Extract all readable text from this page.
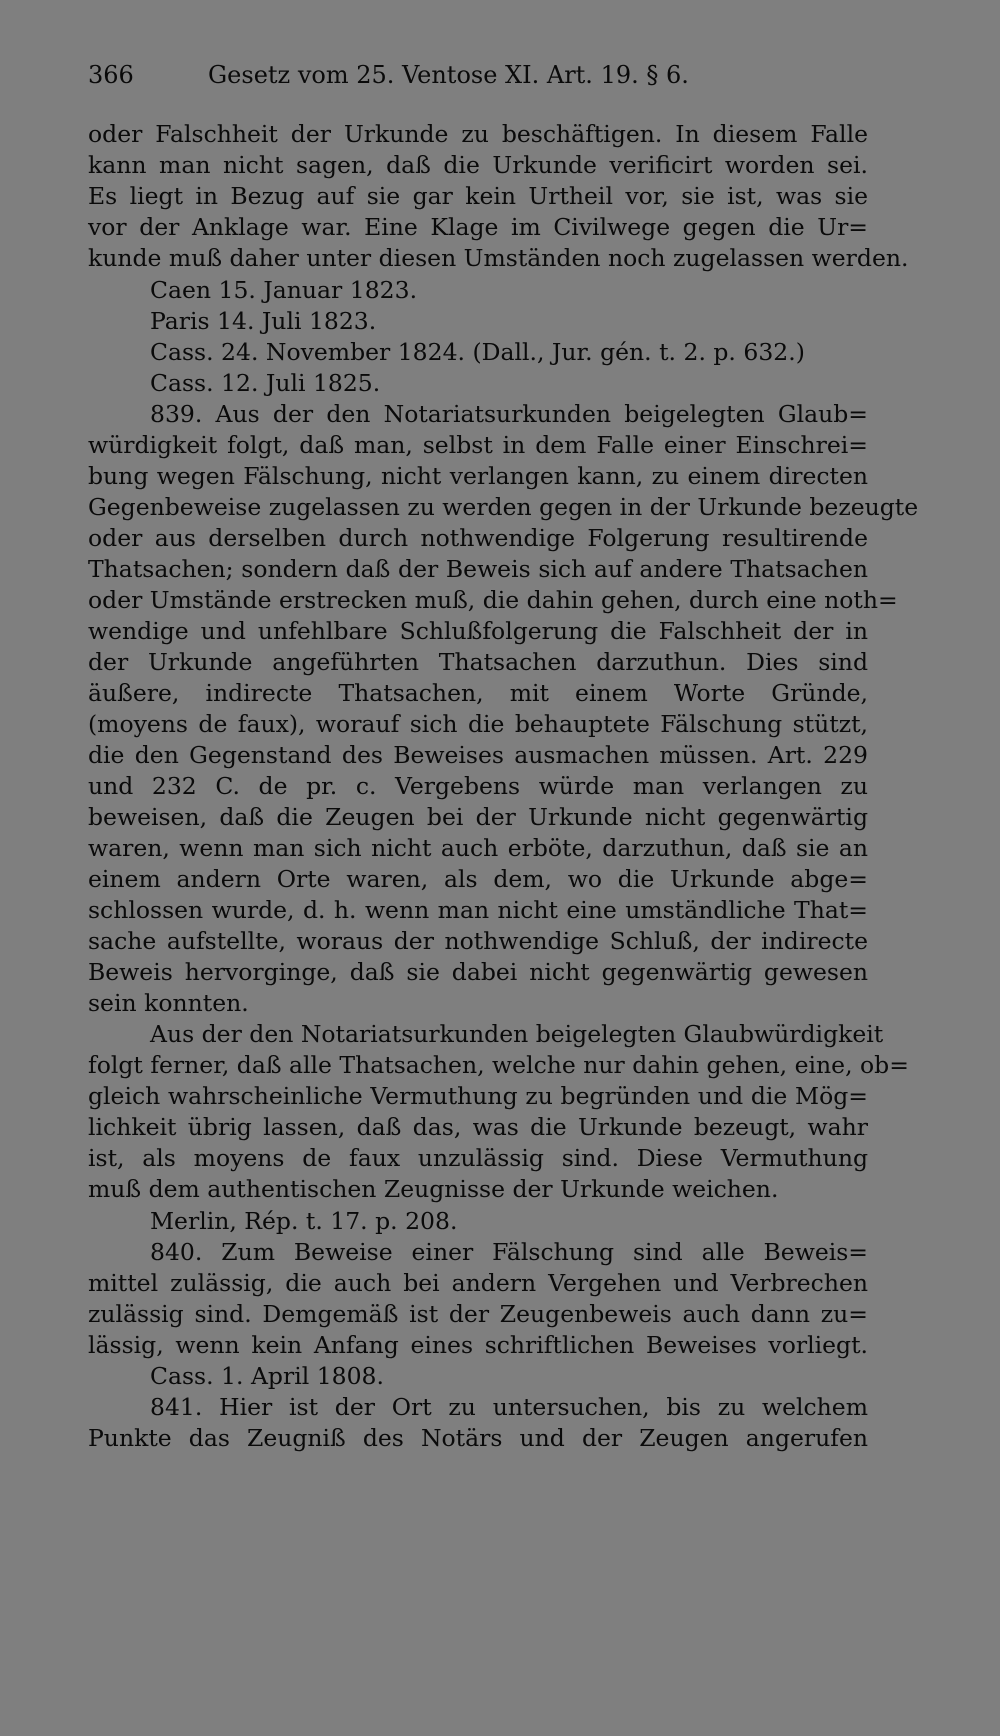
366	Gesetz vom 25. Ventose XI. Art. 19. § 6.
oder Falschheit der Urkunde zu beschäftigen. In diesem Falle
kann man nicht sagen, daß die Urkunde verificirt worden sei.
Es liegt in Bezug auf sie gar kein Urtheil vor, sie ist, was sie
vor der Anklage war. Eine Klage im Civilwege gegen die Ur=
kunde muß daher unter diesen Umständen noch zugelassen werden.
Caen 15. Januar 1823.
Paris 14. Juli 1823.
Cass. 24. November 1824. (Dall., Jur. gén. t. 2. p. 632.)
Cass. 12. Juli 1825.
839. Aus der den Notariatsurkunden beigelegten Glaub=
würdigkeit folgt, daß man, selbst in dem Falle einer Einschrei=
bung wegen Fälschung, nicht verlangen kann, zu einem directen
Gegenbeweise zugelassen zu werden gegen in der Urkunde bezeugte
oder aus derselben durch nothwendige Folgerung resultirende
Thatsachen; sondern daß der Beweis sich auf andere Thatsachen
oder Umstände erstrecken muß, die dahin gehen, durch eine noth=
wendige und unfehlbare Schlußfolgerung die Falschheit der in
der Urkunde angeführten Thatsachen darzuthun. Dies sind
äußere, indirecte Thatsachen, mit einem Worte Gründe,
(moyens de faux), worauf sich die behauptete Fälschung stützt,
die den Gegenstand des Beweises ausmachen müssen. Art. 229
und 232 C. de pr. c. Vergebens würde man verlangen zu
beweisen, daß die Zeugen bei der Urkunde nicht gegenwärtig
waren, wenn man sich nicht auch erböte, darzuthun, daß sie an
einem andern Orte waren, als dem, wo die Urkunde abge=
schlossen wurde, d. h. wenn man nicht eine umständliche That=
sache aufstellte, woraus der nothwendige Schluß, der indirecte
Beweis hervorginge, daß sie dabei nicht gegenwärtig gewesen
sein konnten.
Aus der den Notariatsurkunden beigelegten Glaubwürdigkeit
folgt ferner, daß alle Thatsachen, welche nur dahin gehen, eine, ob=
gleich wahrscheinliche Vermuthung zu begründen und die Mög=
lichkeit übrig lassen, daß das, was die Urkunde bezeugt, wahr
ist, als moyens de faux unzulässig sind. Diese Vermuthung
muß dem authentischen Zeugnisse der Urkunde weichen.
Merlin, Rép. t. 17. p. 208.
840. Zum Beweise einer Fälschung sind alle Beweis=
mittel zulässig, die auch bei andern Vergehen und Verbrechen
zulässig sind. Demgemäß ist der Zeugenbeweis auch dann zu=
lässig, wenn kein Anfang eines schriftlichen Beweises vorliegt.
Cass. 1. April 1808.
841. Hier ist der Ort zu untersuchen, bis zu welchem
Punkte das Zeugniß des Notärs und der Zeugen angerufen
